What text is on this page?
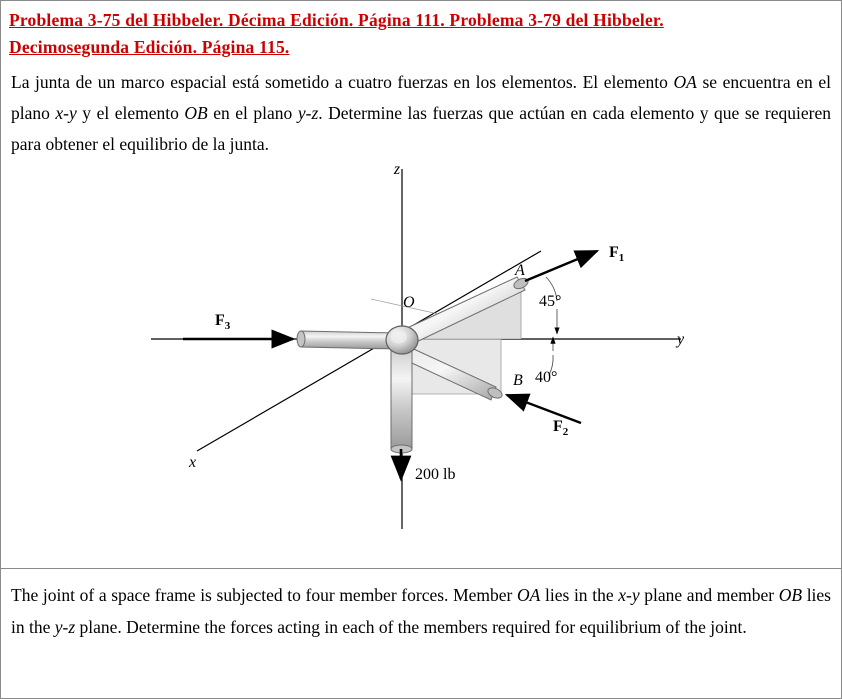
Problema 3-75 del Hibbeler. Décima Edición. Página 111. Problema 3-79 del Hibbeler.
Decimosegunda Edición. Página 115.

La junta de un marco espacial está sometido a cuatro fuerzas en los elementos. El elemento OA se encuentra en el plano x-y y el elemento OB en el plano y-z. Determine las fuerzas que actúan en cada elemento y que se requieren para obtener el equilibrio de la junta.

z
y
x
O
A
B
$F_1$
$F_2$
$F_3$
45°
40°
200 lb

The joint of a space frame is subjected to four member forces. Member OA lies in the x-y plane and member OB lies in the y-z plane. Determine the forces acting in each of the members required for equilibrium of the joint.
